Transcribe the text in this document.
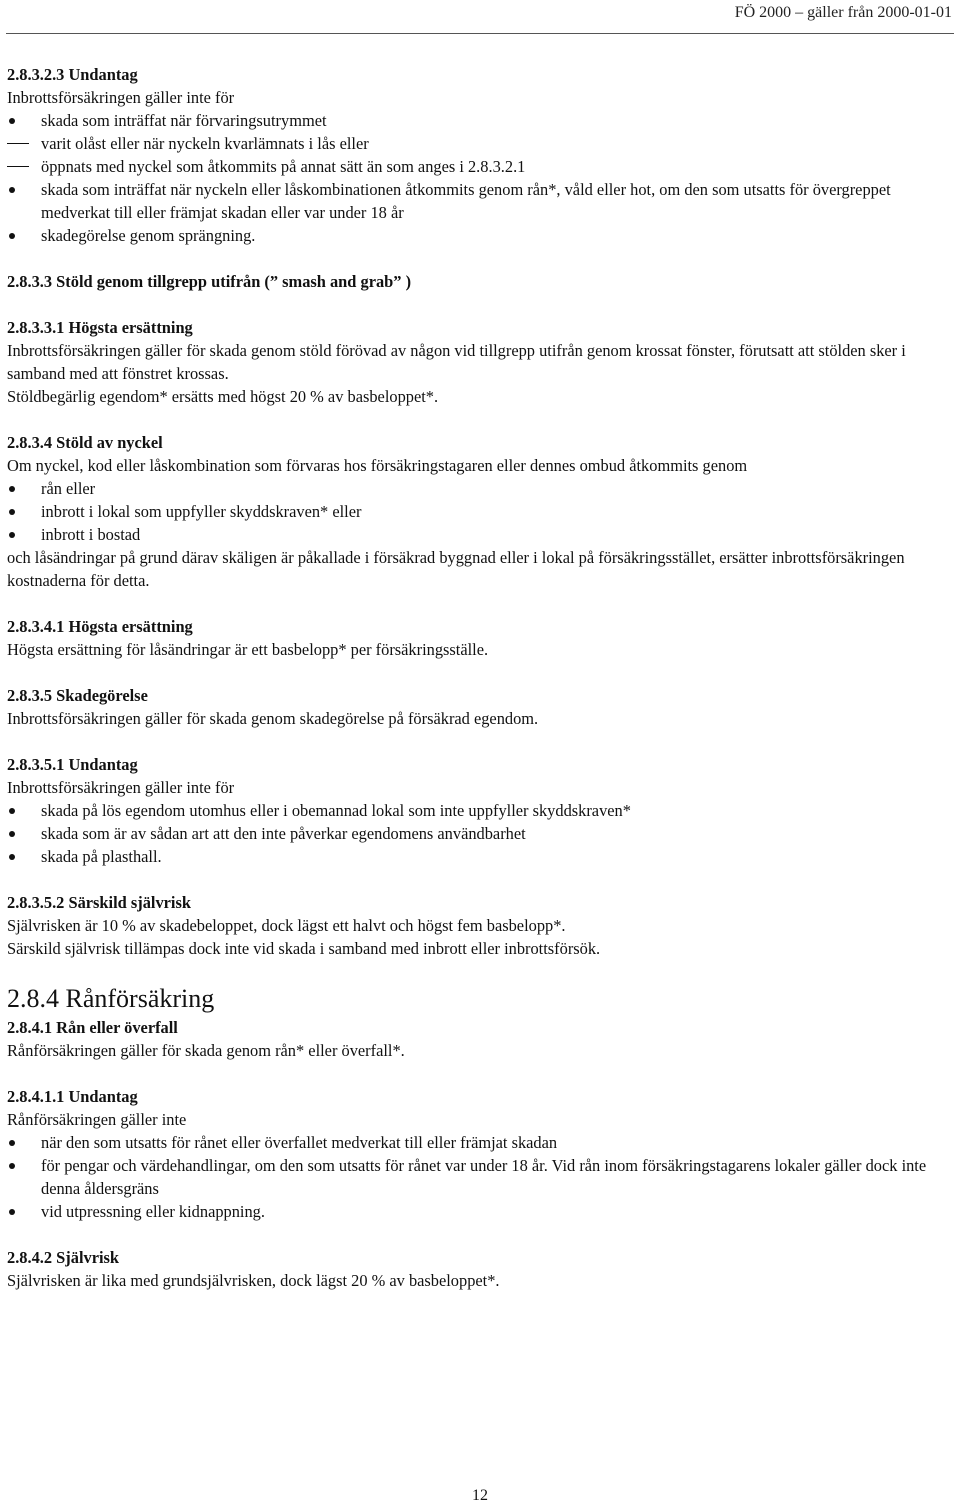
FÖ 2000 – gäller från 2000-01-01
2.8.3.2.3 Undantag
Inbrottsförsäkringen gäller inte för
skada som inträffat när förvaringsutrymmet
varit olåst eller när nyckeln kvarlämnats i lås eller
öppnats med nyckel som åtkommits på annat sätt än som anges i 2.8.3.2.1
skada som inträffat när nyckeln eller låskombinationen åtkommits genom rån*, våld eller hot, om den som utsatts för övergreppet medverkat till eller främjat skadan eller var under 18 år
skadegörelse genom sprängning.
2.8.3.3 Stöld genom tillgrepp utifrån (” smash and grab” )
2.8.3.3.1 Högsta ersättning
Inbrottsförsäkringen gäller för skada genom stöld förövad av någon vid tillgrepp utifrån genom krossat fönster, förutsatt att stölden sker i samband med att fönstret krossas.
Stöldbegärlig egendom* ersätts med högst 20 % av basbeloppet*.
2.8.3.4 Stöld av nyckel
Om nyckel, kod eller låskombination som förvaras hos försäkringstagaren eller dennes ombud åtkommits genom
rån eller
inbrott i lokal som uppfyller skyddskraven* eller
inbrott i bostad
och låsändringar på grund därav skäligen är påkallade i försäkrad byggnad eller i lokal på försäkringsstället, ersätter inbrottsförsäkringen kostnaderna för detta.
2.8.3.4.1 Högsta ersättning
Högsta ersättning för låsändringar är ett basbelopp* per försäkringsställe.
2.8.3.5 Skadegörelse
Inbrottsförsäkringen gäller för skada genom skadegörelse på försäkrad egendom.
2.8.3.5.1 Undantag
Inbrottsförsäkringen gäller inte för
skada på lös egendom utomhus eller i obemannad lokal som inte uppfyller skyddskraven*
skada som är av sådan art att den inte påverkar egendomens användbarhet
skada på plasthall.
2.8.3.5.2 Särskild självrisk
Självrisken är 10 % av skadebeloppet, dock lägst ett halvt och högst fem basbelopp*.
Särskild självrisk tillämpas dock inte vid skada i samband med inbrott eller inbrottsförsök.
2.8.4 Rånförsäkring
2.8.4.1 Rån eller överfall
Rånförsäkringen gäller för skada genom rån* eller överfall*.
2.8.4.1.1 Undantag
Rånförsäkringen gäller inte
när den som utsatts för rånet eller överfallet medverkat till eller främjat skadan
för pengar och värdehandlingar, om den som utsatts för rånet var under 18 år. Vid rån inom försäkringstagarens lokaler gäller dock inte denna åldersgräns
vid utpressning eller kidnappning.
2.8.4.2 Självrisk
Självrisken är lika med grundsjälvrisken, dock lägst 20 % av basbeloppet*.
12
